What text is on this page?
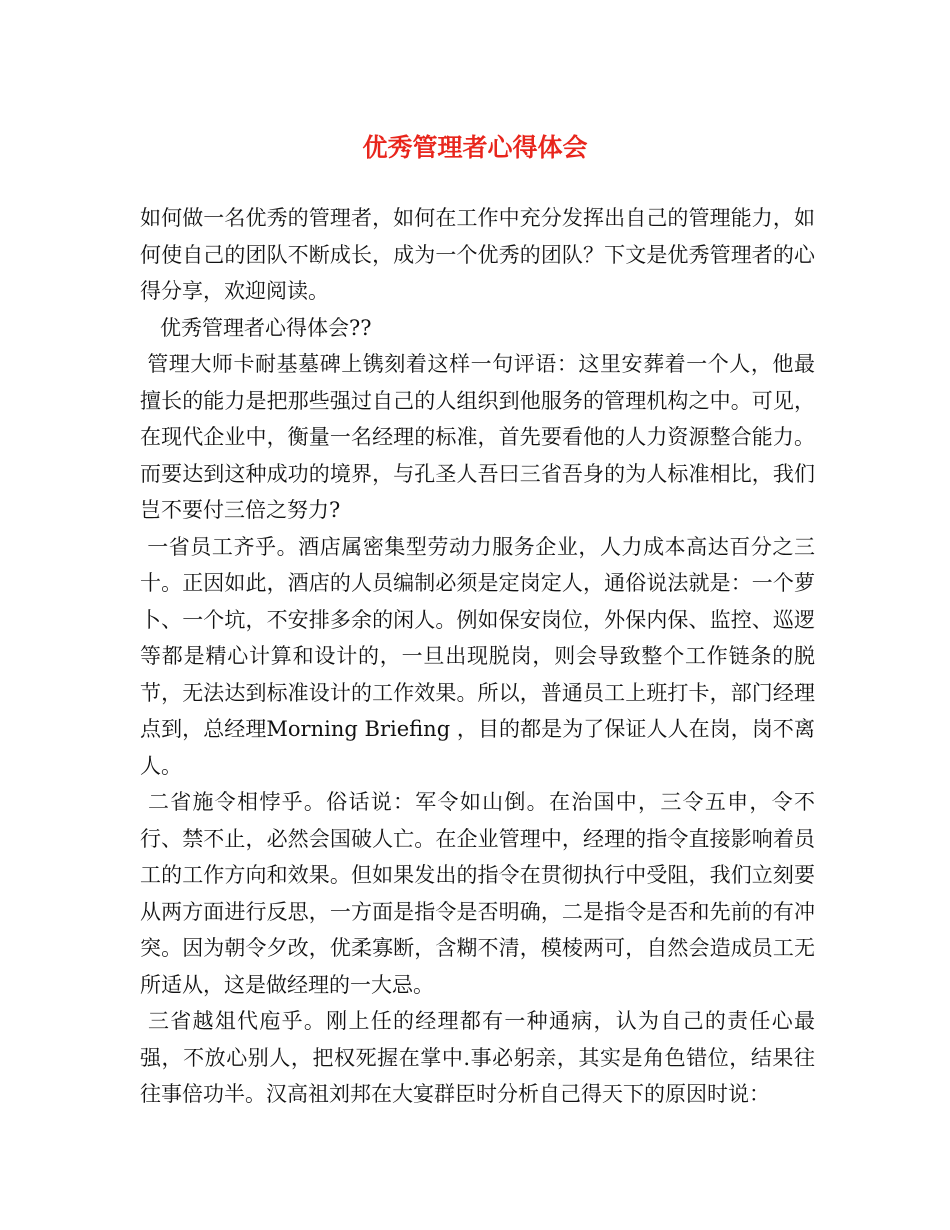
优秀管理者心得体会

如何做一名优秀的管理者，如何在工作中充分发挥出自己的管理能力，如何使自己的团队不断成长，成为一个优秀的团队？下文是优秀管理者的心得分享，欢迎阅读。

优秀管理者心得体会??

管理大师卡耐基墓碑上镌刻着这样一句评语：这里安葬着一个人，他最擅长的能力是把那些强过自己的人组织到他服务的管理机构之中。可见，在现代企业中，衡量一名经理的标准，首先要看他的人力资源整合能力。而要达到这种成功的境界，与孔圣人吾曰三省吾身的为人标准相比，我们岂不要付三倍之努力?

一省员工齐乎。酒店属密集型劳动力服务企业，人力成本高达百分之三十。正因如此，酒店的人员编制必须是定岗定人，通俗说法就是：一个萝卜、一个坑，不安排多余的闲人。例如保安岗位，外保内保、监控、巡逻等都是精心计算和设计的，一旦出现脱岗，则会导致整个工作链条的脱节，无法达到标准设计的工作效果。所以，普通员工上班打卡，部门经理点到，总经理Morning Briefing ，目的都是为了保证人人在岗，岗不离人。

二省施令相悖乎。俗话说：军令如山倒。在治国中，三令五申，令不行、禁不止，必然会国破人亡。在企业管理中，经理的指令直接影响着员工的工作方向和效果。但如果发出的指令在贯彻执行中受阻，我们立刻要从两方面进行反思，一方面是指令是否明确，二是指令是否和先前的有冲突。因为朝令夕改，优柔寡断，含糊不清，模棱两可，自然会造成员工无所适从，这是做经理的一大忌。

三省越俎代庖乎。刚上任的经理都有一种通病，认为自己的责任心最强，不放心别人，把权死握在掌中.事必躬亲，其实是角色错位，结果往往事倍功半。汉高祖刘邦在大宴群臣时分析自己得天下的原因时说：
